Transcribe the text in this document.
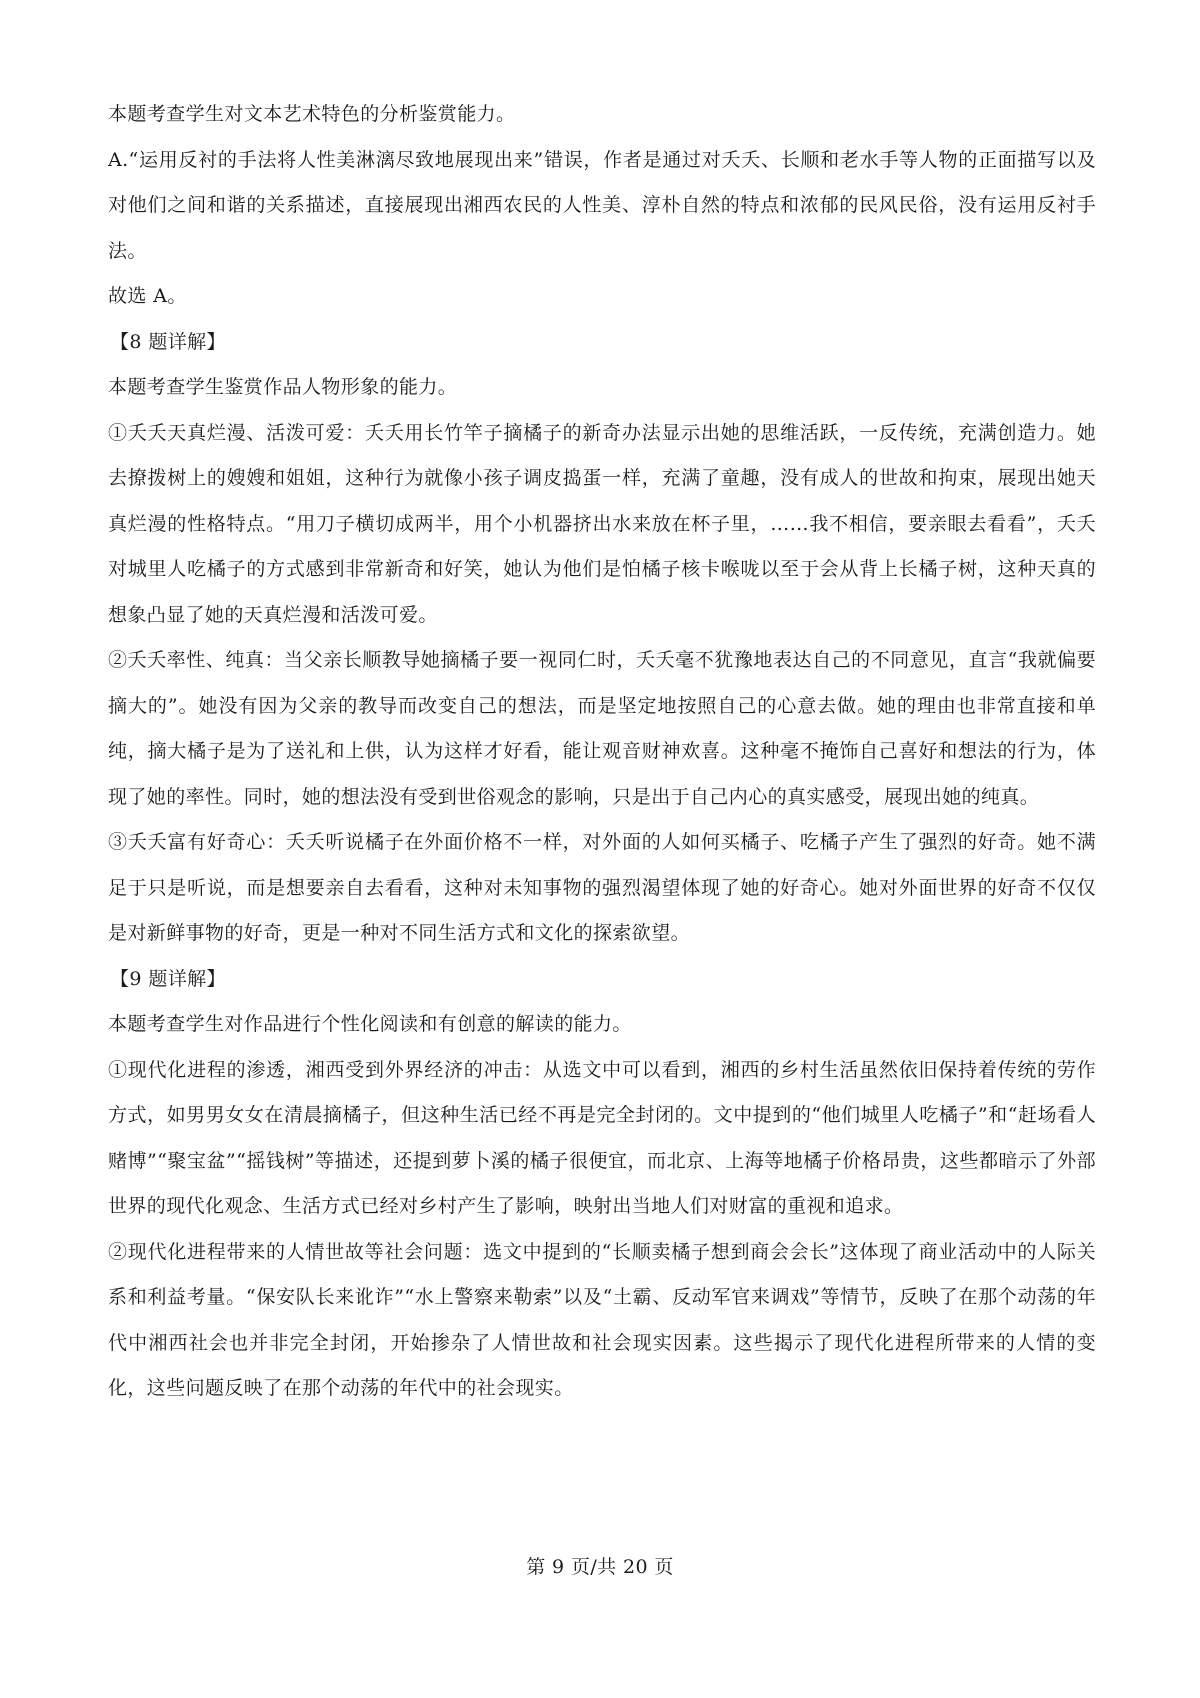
本题考查学生对文本艺术特色的分析鉴赏能力。

A.“运用反衬的手法将人性美淋漓尽致地展现出来”错误，作者是通过对夭夭、长顺和老水手等人物的正面描写以及对他们之间和谐的关系描述，直接展现出湘西农民的人性美、淳朴自然的特点和浓郁的民风民俗，没有运用反衬手法。

故选 A。

【8 题详解】

本题考查学生鉴赏作品人物形象的能力。

①夭夭天真烂漫、活泼可爱：夭夭用长竹竿子摘橘子的新奇办法显示出她的思维活跃，一反传统，充满创造力。她去撩拨树上的嫂嫂和姐姐，这种行为就像小孩子调皮捣蛋一样，充满了童趣，没有成人的世故和拘束，展现出她天真烂漫的性格特点。“用刀子横切成两半，用个小机器挤出水来放在杯子里，……我不相信，要亲眼去看看”，夭夭对城里人吃橘子的方式感到非常新奇和好笑，她认为他们是怕橘子核卡喉咙以至于会从背上长橘子树，这种天真的想象凸显了她的天真烂漫和活泼可爱。

②夭夭率性、纯真：当父亲长顺教导她摘橘子要一视同仁时，夭夭毫不犹豫地表达自己的不同意见，直言“我就偏要摘大的”。她没有因为父亲的教导而改变自己的想法，而是坚定地按照自己的心意去做。她的理由也非常直接和单纯，摘大橘子是为了送礼和上供，认为这样才好看，能让观音财神欢喜。这种毫不掩饰自己喜好和想法的行为，体现了她的率性。同时，她的想法没有受到世俗观念的影响，只是出于自己内心的真实感受，展现出她的纯真。

③夭夭富有好奇心：夭夭听说橘子在外面价格不一样，对外面的人如何买橘子、吃橘子产生了强烈的好奇。她不满足于只是听说，而是想要亲自去看看，这种对未知事物的强烈渴望体现了她的好奇心。她对外面世界的好奇不仅仅是对新鲜事物的好奇，更是一种对不同生活方式和文化的探索欲望。

【9 题详解】

本题考查学生对作品进行个性化阅读和有创意的解读的能力。

①现代化进程的渗透，湘西受到外界经济的冲击：从选文中可以看到，湘西的乡村生活虽然依旧保持着传统的劳作方式，如男男女女在清晨摘橘子，但这种生活已经不再是完全封闭的。文中提到的“他们城里人吃橘子”和“赶场看人赌博”“聚宝盆”“摇钱树”等描述，还提到萝卜溪的橘子很便宜，而北京、上海等地橘子价格昂贵，这些都暗示了外部世界的现代化观念、生活方式已经对乡村产生了影响，映射出当地人们对财富的重视和追求。

②现代化进程带来的人情世故等社会问题：选文中提到的“长顺卖橘子想到商会会长”这体现了商业活动中的人际关系和利益考量。“保安队长来讹诈”“水上警察来勒索”以及“土霸、反动军官来调戏”等情节，反映了在那个动荡的年代中湘西社会也并非完全封闭，开始掺杂了人情世故和社会现实因素。这些揭示了现代化进程所带来的人情的变化，这些问题反映了在那个动荡的年代中的社会现实。

第 9 页/共 20 页
